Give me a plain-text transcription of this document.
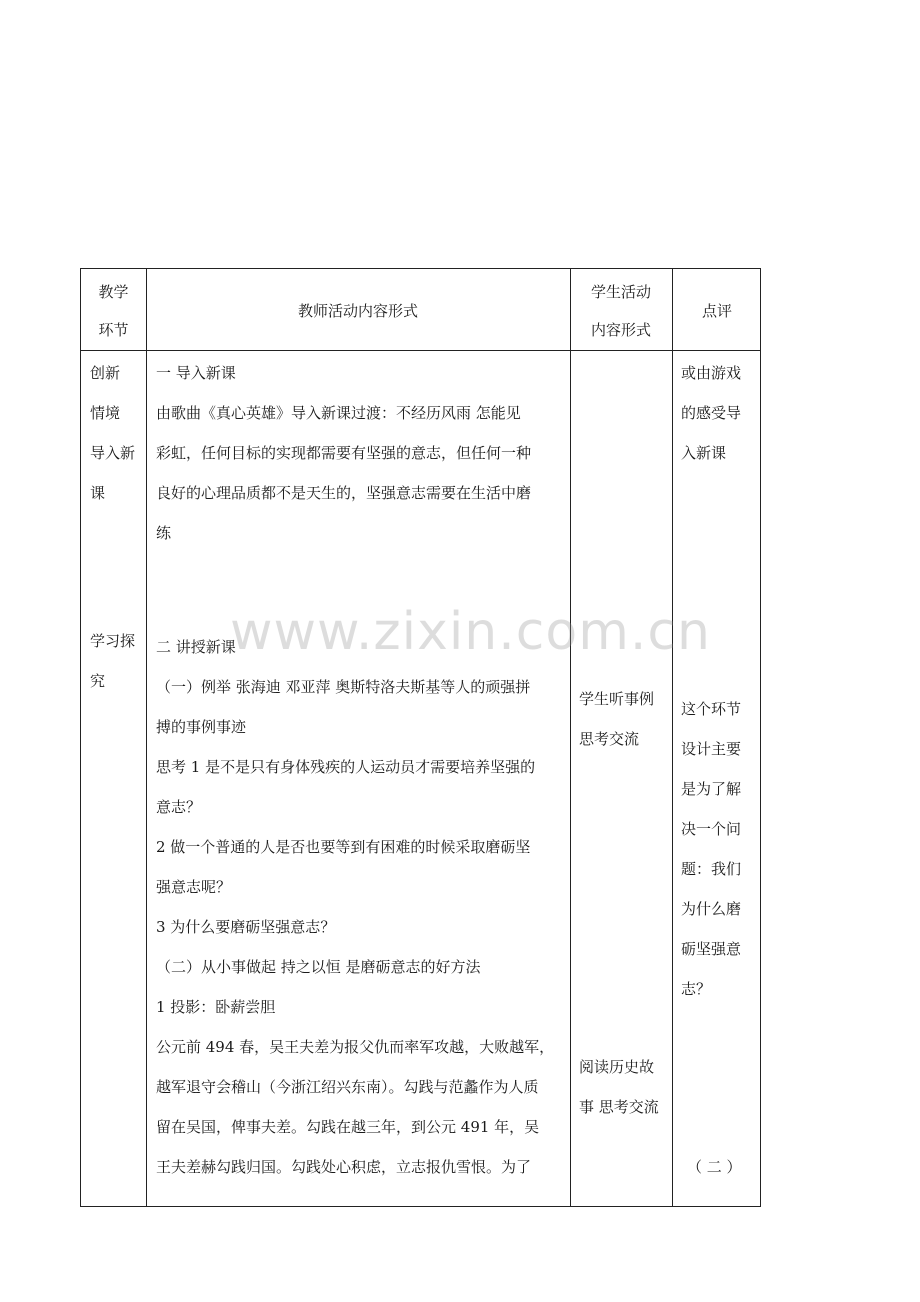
教学
环节
教师活动内容形式
学生活动
内容形式
点评
创新
情境
导入新
课
学习探
究
一 导入新课
由歌曲《真心英雄》导入新课过渡：不经历风雨 怎能见
彩虹，任何目标的实现都需要有坚强的意志，但任何一种
良好的心理品质都不是天生的，坚强意志需要在生活中磨
练
二 讲授新课
（一）例举 张海迪 邓亚萍 奥斯特洛夫斯基等人的顽强拼
搏的事例事迹
思考 1 是不是只有身体残疾的人运动员才需要培养坚强的
意志？
2 做一个普通的人是否也要等到有困难的时候采取磨砺坚
强意志呢？
3 为什么要磨砺坚强意志？
（二）从小事做起 持之以恒 是磨砺意志的好方法
1 投影：卧薪尝胆
公元前 494 春，吴王夫差为报父仇而率军攻越，大败越军，
越军退守会稽山（今浙江绍兴东南）。勾践与范蠡作为人质
留在吴国，俾事夫差。勾践在越三年，到公元 491 年，吴
王夫差赫勾践归国。勾践处心积虑，立志报仇雪恨。为了
学生听事例
思考交流
阅读历史故
事 思考交流
或由游戏
的感受导
入新课
这个环节
设计主要
是为了解
决一个问
题：我们
为什么磨
砺坚强意
志？
（ 二 ）
www.zixin.com.cn
